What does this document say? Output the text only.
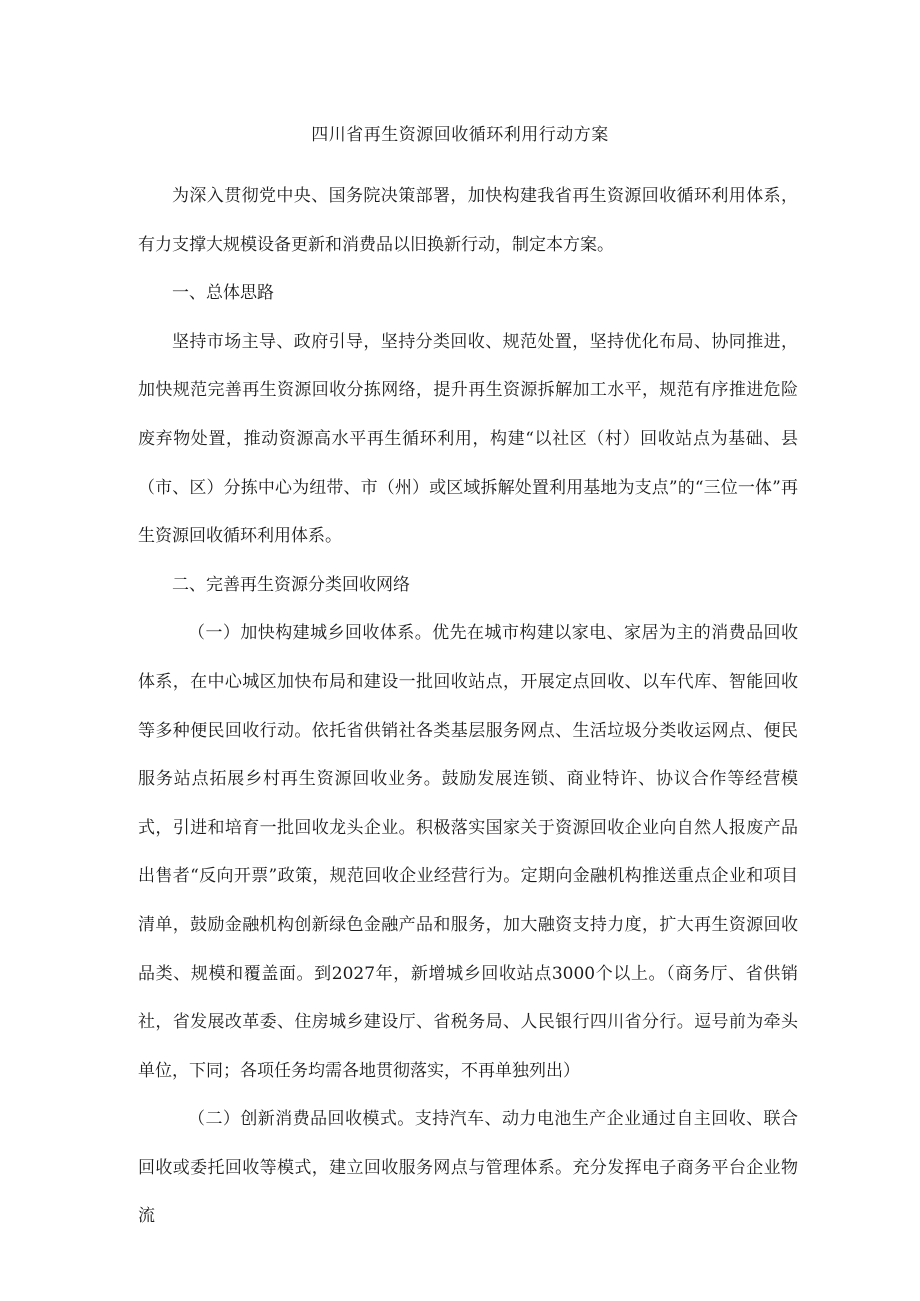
四川省再生资源回收循环利用行动方案

为深入贯彻党中央、国务院决策部署，加快构建我省再生资源回收循环利用体系，有力支撑大规模设备更新和消费品以旧换新行动，制定本方案。

一、总体思路

坚持市场主导、政府引导，坚持分类回收、规范处置，坚持优化布局、协同推进，加快规范完善再生资源回收分拣网络，提升再生资源拆解加工水平，规范有序推进危险废弃物处置，推动资源高水平再生循环利用，构建“以社区（村）回收站点为基础、县（市、区）分拣中心为纽带、市（州）或区域拆解处置利用基地为支点”的“三位一体”再生资源回收循环利用体系。

二、完善再生资源分类回收网络

（一）加快构建城乡回收体系。优先在城市构建以家电、家居为主的消费品回收体系，在中心城区加快布局和建设一批回收站点，开展定点回收、以车代库、智能回收等多种便民回收行动。依托省供销社各类基层服务网点、生活垃圾分类收运网点、便民服务站点拓展乡村再生资源回收业务。鼓励发展连锁、商业特许、协议合作等经营模式，引进和培育一批回收龙头企业。积极落实国家关于资源回收企业向自然人报废产品出售者“反向开票”政策，规范回收企业经营行为。定期向金融机构推送重点企业和项目清单，鼓励金融机构创新绿色金融产品和服务，加大融资支持力度，扩大再生资源回收品类、规模和覆盖面。到2027年，新增城乡回收站点3000个以上。（商务厅、省供销社，省发展改革委、住房城乡建设厅、省税务局、人民银行四川省分行。逗号前为牵头单位，下同；各项任务均需各地贯彻落实，不再单独列出）

（二）创新消费品回收模式。支持汽车、动力电池生产企业通过自主回收、联合回收或委托回收等模式，建立回收服务网点与管理体系。充分发挥电子商务平台企业物流
